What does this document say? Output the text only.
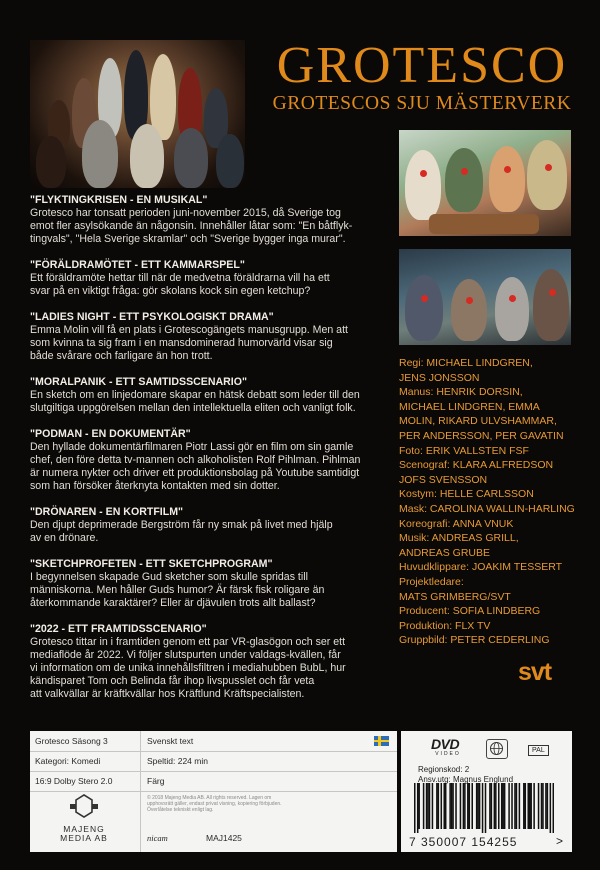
GROTESCO
GROTESCOS SJU MÄSTERVERK
"FLYKTINGKRISEN - EN MUSIKAL"
Grotesco har tonsatt perioden juni-november 2015, då Sverige tog
emot fler asylsökande än någonsin. Innehåller låtar som: "En båtflyk-
tingvals", "Hela Sverige skramlar" och "Sverige bygger inga murar".
"FÖRÄLDRAMÖTET - ETT KAMMARSPEL"
Ett föräldramöte hettar till när de medvetna föräldrarna vill ha ett
svar på en viktigt fråga: gör skolans kock sin egen ketchup?
"LADIES NIGHT - ETT PSYKOLOGISKT DRAMA"
Emma Molin vill få en plats i Grotescogängets manusgrupp. Men att
som kvinna ta sig fram i en mansdominerad humorvärld visar sig
både svårare och farligare än hon trott.
"MORALPANIK - ETT SAMTIDSSCENARIO"
En sketch om en linjedomare skapar en hätsk debatt som leder till den
slutgiltiga uppgörelsen mellan den intellektuella eliten och vanligt folk.
"PODMAN - EN DOKUMENTÄR"
Den hyllade dokumentärfilmaren Piotr Lassi gör en film om sin gamle
chef, den före detta tv-mannen och alkoholisten Rolf Pihlman. Pihlman
är numera nykter och driver ett produktionsbolag på Youtube samtidigt
som han försöker återknyta kontakten med sin dotter.
"DRÖNAREN - EN KORTFILM"
Den djupt deprimerade Bergström får ny smak på livet med hjälp
av en drönare.
"SKETCHPROFETEN - ETT SKETCHPROGRAM"
I begynnelsen skapade Gud sketcher som skulle spridas till
människorna. Men håller Guds humor? Är färsk fisk roligare än
återkommande karaktärer? Eller är djävulen trots allt ballast?
"2022 - ETT FRAMTIDSSCENARIO"
Grotesco tittar in i framtiden genom ett par VR-glasögon och ser ett
mediaflöde år 2022. Vi följer slutspurten under valdags-kvällen, får
vi information om de unika innehållsfiltren i mediahubben BubL, hur
kändisparet Tom och Belinda får ihop livspusslet och får veta
att valkvällar är kräftkvällar hos Kräftlund Kräftspecialisten.
Regi: MICHAEL LINDGREN,
JENS JONSSON
Manus: HENRIK DORSIN,
MICHAEL LINDGREN, EMMA
MOLIN, RIKARD ULVSHAMMAR,
PER ANDERSSON, PER GAVATIN
Foto: ERIK VALLSTEN FSF
Scenograf: KLARA ALFREDSON
JOFS SVENSSON
Kostym: HELLE CARLSSON
Mask: CAROLINA WALLIN-HARLING
Koreografi: ANNA VNUK
Musik: ANDREAS GRILL,
ANDREAS GRUBE
Huvudklippare: JOAKIM TESSERT
Projektledare:
MATS GRIMBERG/SVT
Producent: SOFIA LINDBERG
Produktion: FLX TV
Gruppbild: PETER CEDERLING
svt
Grotesco Säsong 3	Svenskt text
Kategori: Komedi	Speltid: 224 min
16:9 Dolby Stero 2.0	Färg
MAJENG
MEDIA AB
© 2018 Majeng Media AB. All rights reserved. Lagen om upphovsrätt gäller, endast privat visning, kopiering förbjuden. Överlåtelse tekniskt enligt lag.
nicam	MAJ1425
DVD
VIDEO	PAL
Regionskod: 2
Ansv.utg: Magnus Englund
7 350007 154255	>
